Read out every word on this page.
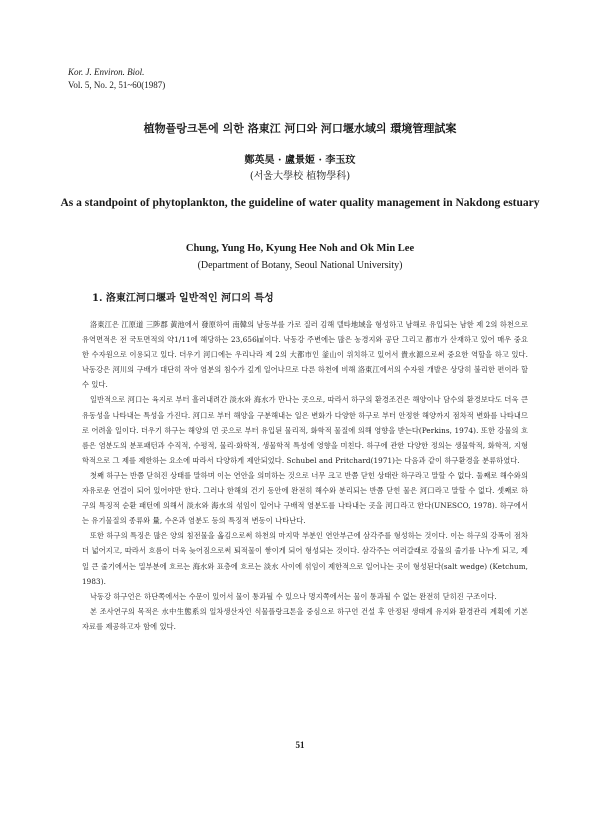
Kor. J. Environ. Biol.
Vol. 5, No. 2, 51~60(1987)
植物플랑크톤에 의한 洛東江 河口와 河口堰水域의 環境管理試案
鄭英昊 · 盧景姬 · 李玉玟
(서울大學校 植物學科)
As a standpoint of phytoplankton, the guideline of water quality management in Nakdong estuary
Chung, Yung Ho, Kyung Hee Noh and Ok Min Lee
(Department of Botany, Seoul National University)
1. 洛東江河口堰과 일반적인 河口의 특성

洛東江은 江原道 三陟郡 黃池에서 發原하여 南韓의 남동부를 가로 질러 김해 델타地域을 형성하고 남해로 유입되는 남한 제 2의 하천으로 유역면적은 전 국토면적의 약1/11에 해당하는 23,656㎢이다. 낙동강 주변에는 많은 농경지와 공단 그리고 都市가 산재하고 있어 매우 중요한 수자원으로 이용되고 있다. 더우기 河口에는 우리나라 제 2의 大都市인 釜山이 위치하고 있어서 貴水源으로써 중요한 역할을 하고 있다. 낙동강은 河川의 구배가 대단히 작아 염분의 침수가 깊게 일어나므로 다른 하천에 비해 洛東江에서의 수자원 개발은 상당히 불리한 편이라 할 수 있다.

일반적으로 河口는 육지로 부터 흘러내려간 淡水와 海水가 만나는 곳으로, 따라서 하구의 환경조건은 해양이나 담수의 환경보다도 더욱 큰 유동성을 나타내는 특성을 가진다. 河口로 부터 해양을 구분해내는 일은 변화가 다양한 하구로 부터 안정한 해양까지 점차적 변화를 나타내므로 어려울 일이다. 더우기 하구는 해양의 먼 곳으로 부터 유입된 물리적, 화학적 물질에 의해 영향을 받는다(Perkins, 1974). 또한 강물의 흐름은 염분도의 분포패턴과 수직적, 수평적, 물리·화학적, 생물학적 특성에 영향을 미친다. 하구에 관한 다양한 정의는 생물학적, 화학적, 지형학적으로 그 제를 제한하는 요소에 따라서 다양하게 제안되었다. Schubel and Pritchard(1971)는 다음과 같이 하구환경을 분류하였다.

첫째 하구는 반쯤 닫혀진 상태를 말하며 이는 연안을 의미하는 것으로 너무 크고 반쯤 닫힌 상태란 하구라고 말할 수 없다. 둘째로 해수와의 자유로운 연결이 되어 있어야만 한다. 그러나 한해의 건기 동안에 완전히 해수와 분리되는 반쯤 닫힌 물은 河口라고 말할 수 없다. 셋째로 하구의 특징적 순환 패턴에 의해서 淡水와 海水의 섞임이 일어나 구배적 염분도를 나타내는 곳을 河口라고 한다(UNESCO, 1978). 하구에서는 유기물질의 종류와 量, 수온과 염분도 등의 특징적 변동이 나타난다.

또한 하구의 특징은 많은 양의 침전물을 옮김으로써 하천의 마지막 부분인 연안부근에 삼각주를 형성하는 것이다. 이는 하구의 강폭이 점차 더 넓어지고, 따라서 흐름이 더욱 늦어짐으로써 퇴적물이 쌓이게 되어 형성되는 것이다. 삼각주는 여러갈래로 강물의 줄기를 나누게 되고, 제일 큰 줄기에서는 밀부분에 흐르는 海水와 표층에 흐르는 淡水 사이에 섞임이 제한적으로 일어나는 곳이 형성된다(salt wedge) (Ketchum, 1983).

낙동강 하구언은 하단쪽에서는 수문이 있어서 물이 통과될 수 있으나 명지쪽에서는 물이 통과될 수 없는 완전히 닫히진 구조이다.

본 조사연구의 목적은 水中生態系의 일차생산자인 식물플랑크톤을 중심으로 하구언 건설 후 안정된 생태계 유지와 환경관리 계획에 기본자료를 제공하고자 함에 있다.

51
